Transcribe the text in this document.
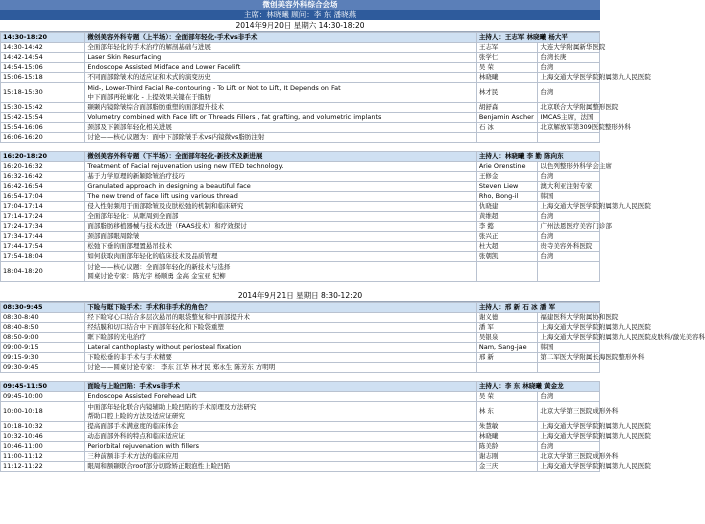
微创美容外科综合会场
主席：林晓曦 顾问：李 东 潘晓燕
2014年9月20日 星期六 14:30-18:20
14:30-18:20	微创美容外科专题（上半场）：全面部年轻化-手术vs非手术	主持人：王志军 林晓曦 杨大平	
14:30-14:42	全面部年轻化的手术治疗的解剖基础与进展	王志军	大连大学附属新华医院
14:42-14:54	Laser Skin Resurfacing	张学仁	台湾长庚
14:54-15:06	Endoscope Assisted Midface and Lower Facelift	吴 荣	台湾
15:06-15:18	不同面部除皱术的适应证和术式的演变历史	林晓曦	上海交通大学医学院附属第九人民医院
15:18-15:30	Mid-, Lower-Third Facial Re-contouring - To Lift or Not to Lift, It Depends on Fat
中下面部再轮廓化 - 上提效果关键在于脂肪	林才民	台湾
15:30-15:42	颞颞内镜除皱综合面部脂肪重塑的面部提升技术	胡舒森	北京联合大学附属整形医院
15:42-15:54	Volumetry combined with Face lift or Threads Fillers , fat grafting, and volumetric implants	Benjamin Ascher	IMCAS主席，法国
15:54-16:06	颈部及下颌部年轻化相关进展	石 冰	北京解放军第309医院整形外科
16:06-16:20	讨论——核心议题为：面中下部除皱手术vs内镜微vs脂肪注射		
16:20-18:20	微创美容外科专题（下半场）：全面部年轻化-新技术及新进展	主持人：林晓曦 李 勤 陈向东	
16:20-16:32	Treatment of Facial rejuvenation using new ITED technology.	Arie Orenstine	以色列整形外科学会主席
16:32-16:42	基于力学原理的新颖除皱治疗技巧	王修金	台湾
16:42-16:54	Granulated approach in designing a beautiful face	Steven Liew	澳大利亚注射专家
16:54-17:04	The new trend of face lift using various thread	Rho, Bong-il	韩国
17:04-17:14	侵入性射频用于面部除皱及皮肤松弛的机制和临床研究	仇晓建	上海交通大学医学院附属第九人民医院
17:14-17:24	全面部年轻化：从眶周到全面部	黄维超	台湾
17:24-17:34	面部脂肪移植器械与技术改进（FAAS技术）和疗效探讨	李 懿	广州法恩医疗美容门诊部
17:34-17:44	颈部面部眼周除皱	张兴正	台湾
17:44-17:54	松弛下垂的面部埋置悬吊技术	杜大超	贵寺美容外科医院
17:54-18:04	如何获取肉面部年轻化的临床技术及品质管理	张朝凯	台湾
18:04-18:20	讨论——核心议题：全面部年轻化的新技术与选择
圆桌讨论专家：陈光宇 杨顺勇 金高 金宝亚 纪柳		
2014年9月21日 星期日 8:30-12:20
08:30-9:45	下睑与眶下睑手术：手术和非手术的角色？	主持人：邢 新 石 冰 潘 军	
08:30-8:40	经下睑穹心口结合多层次悬吊的眼袋整复和中面部提升术	谢义德	福建医科大学附属协和医院
08:40-8:50	经结膜和切口结合中下面部年轻化和下睑袋重塑	潘 军	上海交通大学医学院附属第九人民医院
08:50-9:00	眶下睑部的光电治疗	吴银泉	上海交通大学医学院附属第九人民医院皮肤科/激光美容科
09:00-9:15	Lateral canthoplasty without periosteal fixation	Nam, Sang-jae	韩国
09:15-9:30	下睑松垂的非手术与手术精要	邢 新	第二军医大学附属长海医院整形外科
09:30-9:45	讨论——圆桌讨论专家： 李东 江华 林才民 郑永生 陈芳东 方明明		
09:45-11:50	面睑与上睑凹陷：手术vs非手术	主持人：李 东 林晓曦 黄金龙	
09:45-10:00	Endoscope Assisted Forehead Lift	吴 荣	台湾
10:00-10:18	中面部年轻化联合内镜辅助上睑凹陷的手术原理及方法研究
帮助口腔上睑的方法及适应证研究	林 东	北京大学第三医院成形外科
10:18-10:32	提高面部手术满意度的临床体会	朱慧敏	上海交通大学医学院附属第九人民医院
10:32-10:46	动态面部外科的特点和临床适应证	林晓曦	上海交通大学医学院附属第九人民医院
10:46-11:00	Periorbital rejuvenation with fillers	陈美龄	台湾
11:00-11:12	三种前额非手术方法的临床应用	谢志刚	北京大学第三医院成形外科
11:12-11:22	眼周和额颞联合roof部分切除矫正眼泡性上睑凹陷	金三庆	上海交通大学医学院附属第九人民医院
